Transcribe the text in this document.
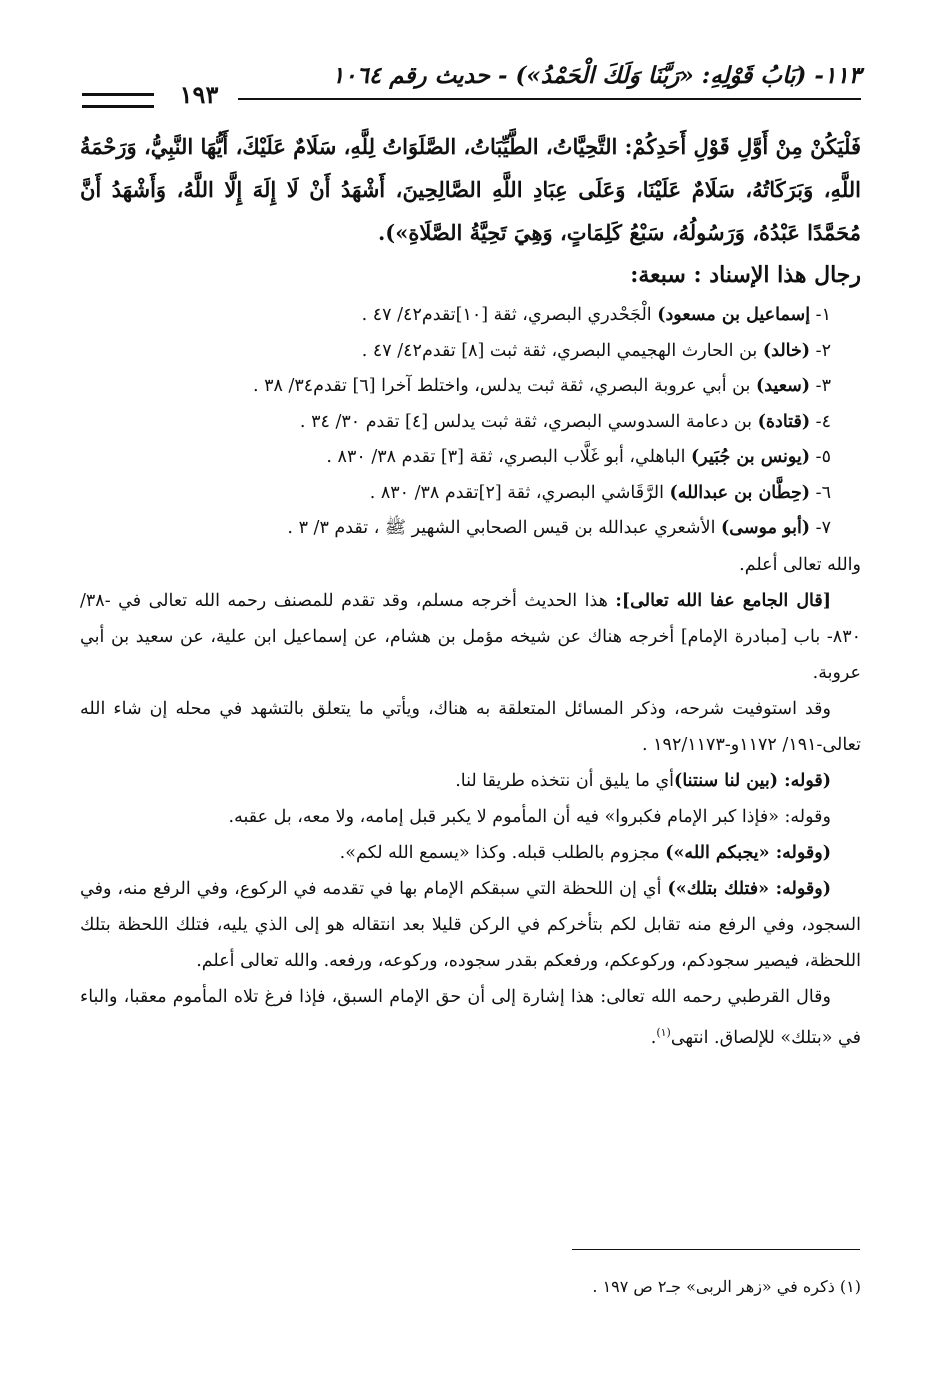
١١٣- (بَابُ قَوْلِهِ: «رَبَّنَا وَلَكَ الْحَمْدُ») - حديث رقم ١٠٦٤
١٩٣

فَلْيَكُنْ مِنْ أَوَّلِ قَوْلِ أَحَدِكُمْ: التَّحِيَّاتُ، الطَّيِّبَاتُ، الصَّلَوَاتُ لِلَّهِ، سَلَامٌ عَلَيْكَ، أَيُّهَا النَّبِيُّ، وَرَحْمَةُ اللَّهِ، وَبَرَكَاتُهُ، سَلَامٌ عَلَيْنَا، وَعَلَى عِبَادِ اللَّهِ الصَّالِحِينَ، أَشْهَدُ أَنْ لَا إِلَهَ إِلَّا اللَّهُ، وَأَشْهَدُ أَنَّ مُحَمَّدًا عَبْدُهُ، وَرَسُولُهُ، سَبْعُ كَلِمَاتٍ، وَهِيَ تَحِيَّةُ الصَّلَاةِ»).

رجال هذا الإسناد : سبعة:
١- إسماعيل بن مسعود) الْجَحْدري البصري، ثقة [١٠]تقدم٤٢/ ٤٧ .
٢- (خالد) بن الحارث الهجيمي البصري، ثقة ثبت [٨] تقدم٤٢/ ٤٧ .
٣- (سعيد) بن أبي عروبة البصري، ثقة ثبت يدلس، واختلط آخرا [٦] تقدم٣٤/ ٣٨ .
٤- (قتادة) بن دعامة السدوسي البصري، ثقة ثبت يدلس [٤] تقدم ٣٠/ ٣٤ .
٥- (يونس بن جُبَير) الباهلي، أبو غَلَّاب البصري، ثقة [٣] تقدم ٣٨/ ٨٣٠ .
٦- (حِطَّان بن عبدالله) الرَّقَاشي البصري، ثقة [٢]تقدم ٣٨/ ٨٣٠ .
٧- (أبو موسى) الأشعري عبدالله بن قيس الصحابي الشهير ﷺ ، تقدم ٣/ ٣ .

والله تعالى أعلم.

[قال الجامع عفا الله تعالى]: هذا الحديث أخرجه مسلم، وقد تقدم للمصنف رحمه الله تعالى في -٣٨/ ٨٣٠- باب [مبادرة الإمام] أخرجه هناك عن شيخه مؤمل بن هشام، عن إسماعيل ابن علية، عن سعيد بن أبي عروبة.

وقد استوفيت شرحه، وذكر المسائل المتعلقة به هناك، ويأتي ما يتعلق بالتشهد في محله إن شاء الله تعالى-١٩١/ ١١٧٢و-١٩٢/١١٧٣ .

(قوله: (بين لنا سنتنا)أي ما يليق أن نتخذه طريقا لنا.

وقوله: «فإذا كبر الإمام فكبروا» فيه أن المأموم لا يكبر قبل إمامه، ولا معه، بل عقبه.

(وقوله: «يجبكم الله») مجزوم بالطلب قبله. وكذا «يسمع الله لكم».

(وقوله: «فتلك بتلك») أي إن اللحظة التي سبقكم الإمام بها في تقدمه في الركوع، وفي الرفع منه، وفي السجود، وفي الرفع منه تقابل لكم بتأخركم في الركن قليلا بعد انتقاله هو إلى الذي يليه، فتلك اللحظة بتلك اللحظة، فيصير سجودكم، وركوعكم، ورفعكم بقدر سجوده، وركوعه، ورفعه. والله تعالى أعلم.

وقال القرطبي رحمه الله تعالى: هذا إشارة إلى أن حق الإمام السبق، فإذا فرغ تلاه المأموم معقبا، والباء في «بتلك» للإلصاق. انتهى$^{(١)}$.

(١) ذكره في «زهر الربى» جـ٢ ص ١٩٧ .
